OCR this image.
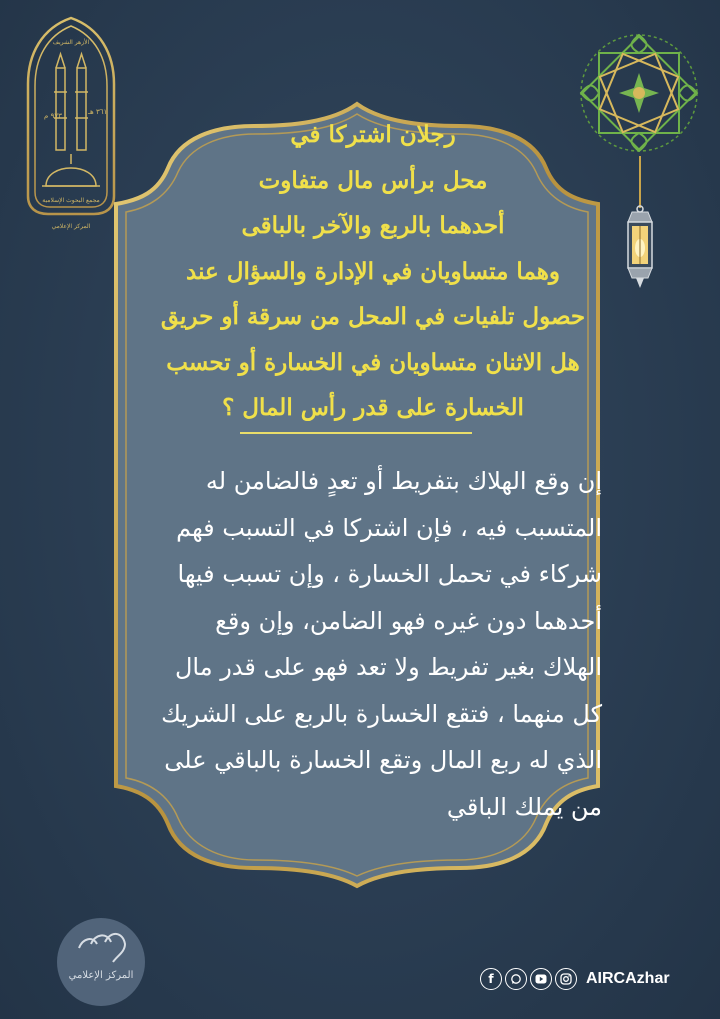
٩٧٣ م	٣٦١ هـ
الأزهر الشريف
مجمع البحوث الإسلامية
المركز الإعلامي
رجلان اشتركا في
محل برأس مال متفاوت
أحدهما بالربع والآخر بالباقى
وهما متساويان في الإدارة والسؤال عند
حصول تلفيات في المحل من سرقة أو حريق
هل الاثنان متساويان في الخسارة أو تحسب
الخسارة على قدر رأس المال ؟
إن وقع الهلاك بتفريط أو تعدٍ فالضامن له
المتسبب فيه ، فإن اشتركا في التسبب فهم
شركاء في تحمل الخسارة ، وإن تسبب فيها
أحدهما دون غيره فهو الضامن، وإن وقع
الهلاك بغير تفريط ولا تعد فهو على قدر مال
كل منهما ، فتقع الخسارة بالربع على الشريك
الذي له ربع المال وتقع الخسارة بالباقي على
من يملك الباقي
المركز الإعلامي	f	AIRCAzhar
